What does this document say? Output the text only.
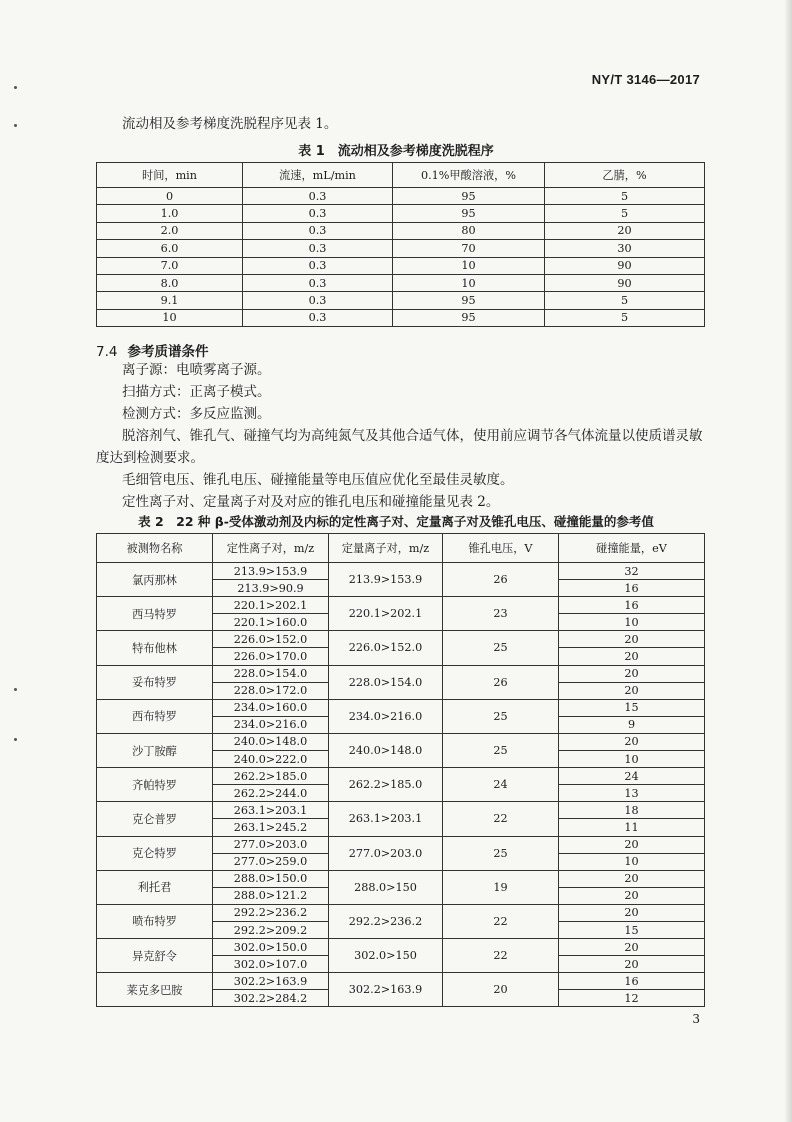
NY/T 3146—2017
流动相及参考梯度洗脱程序见表 1。
表 1　流动相及参考梯度洗脱程序
时间，min	流速，mL/min	0.1%甲酸溶液，%	乙腈，%
0	0.3	95	5
1.0	0.3	95	5
2.0	0.3	80	20
6.0	0.3	70	30
7.0	0.3	10	90
8.0	0.3	10	90
9.1	0.3	95	5
10	0.3	95	5
7.4 参考质谱条件
离子源：电喷雾离子源。
扫描方式：正离子模式。
检测方式：多反应监测。
脱溶剂气、锥孔气、碰撞气均为高纯氮气及其他合适气体，使用前应调节各气体流量以使质谱灵敏
度达到检测要求。
毛细管电压、锥孔电压、碰撞能量等电压值应优化至最佳灵敏度。
定性离子对、定量离子对及对应的锥孔电压和碰撞能量见表 2。
表 2　22 种 β-受体激动剂及内标的定性离子对、定量离子对及锥孔电压、碰撞能量的参考值
被测物名称	定性离子对，m/z	定量离子对，m/z	锥孔电压，V	碰撞能量，eV
氯丙那林	213.9>153.9	213.9>153.9	26	32
	213.9>90.9			16
西马特罗	220.1>202.1	220.1>202.1	23	16
	220.1>160.0			10
特布他林	226.0>152.0	226.0>152.0	25	20
	226.0>170.0			20
妥布特罗	228.0>154.0	228.0>154.0	26	20
	228.0>172.0			20
西布特罗	234.0>160.0	234.0>216.0	25	15
	234.0>216.0			9
沙丁胺醇	240.0>148.0	240.0>148.0	25	20
	240.0>222.0			10
齐帕特罗	262.2>185.0	262.2>185.0	24	24
	262.2>244.0			13
克仑普罗	263.1>203.1	263.1>203.1	22	18
	263.1>245.2			11
克仑特罗	277.0>203.0	277.0>203.0	25	20
	277.0>259.0			10
利托君	288.0>150.0	288.0>150	19	20
	288.0>121.2			20
喷布特罗	292.2>236.2	292.2>236.2	22	20
	292.2>209.2			15
异克舒令	302.0>150.0	302.0>150	22	20
	302.0>107.0			20
莱克多巴胺	302.2>163.9	302.2>163.9	20	16
	302.2>284.2			12
3
